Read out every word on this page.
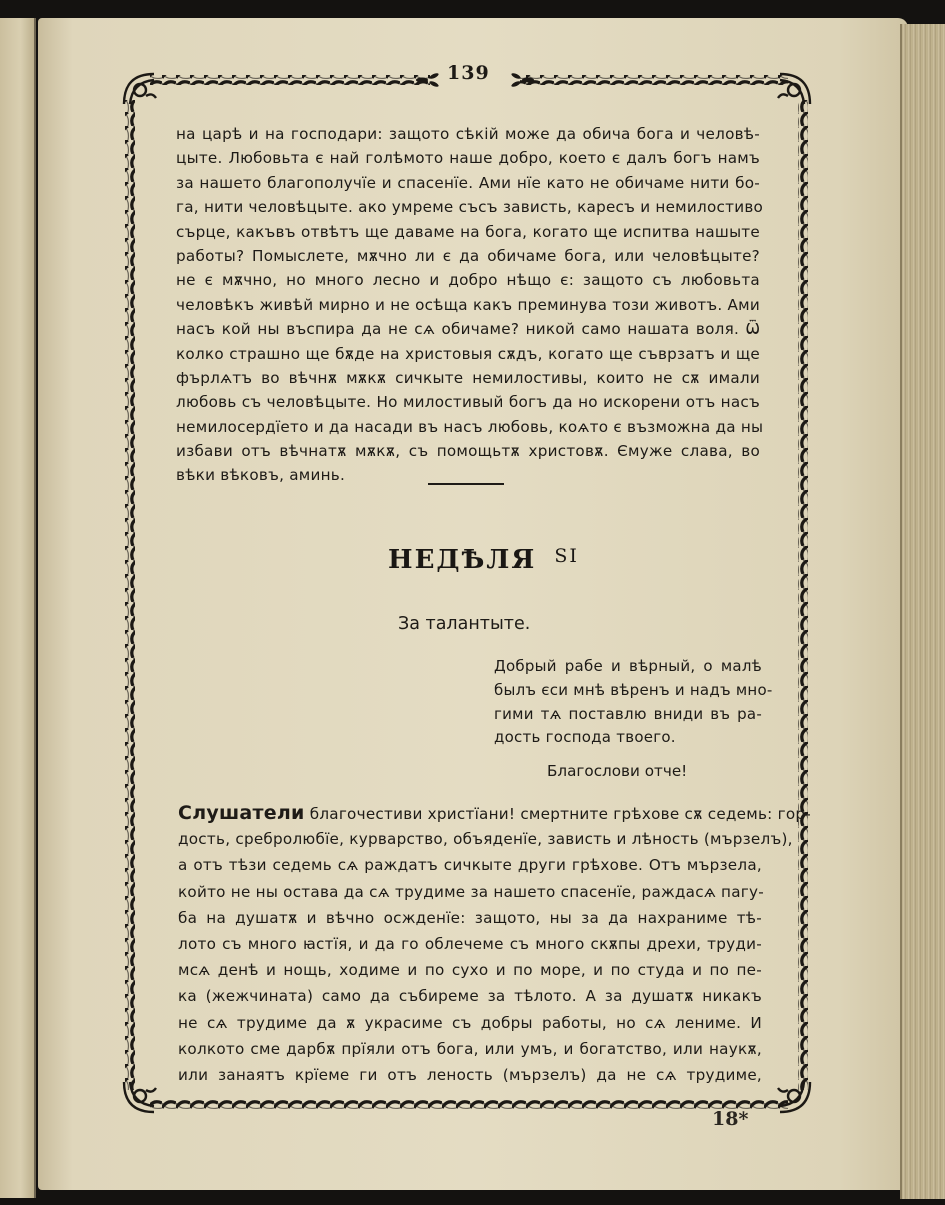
139
на царѣ и на господари: защото сѣкій може да обича бога и человѣ-
цыте. Любовьта є най голѣмото наше добро, което є далъ богъ намъ
за нашето благополучїе и спасенїе. Ами нїе като не обичаме нити бо-
га, нити человѣцыте. ако умреме съсъ зависть, каресъ и немилостиво
сърце, какъвъ отвѣтъ ще даваме на бога, когато ще испитва нашыте
работы? Помыслете, мѫчно ли є да обичаме бога, или человѣцыте?
не є мѫчно, но много лесно и добро нѣщо є: защото съ любовьта
человѣкъ живѣй мирно и не осѣща какъ преминува този животъ. Ами
насъ кой ны въспира да не сѧ обичаме? никой само нашата воля. Ѿ
колко страшно ще бѫде на христовыя сѫдъ, когато ще съврзатъ и ще
фърлѧтъ во вѣчнѫ мѫкѫ сичкыте немилостивы, които не сѫ имали
любовь съ человѣцыте. Но милостивый богъ да но искорени отъ насъ
немилосердїето и да насади въ насъ любовь, коѧто є възможна да ны
избави отъ вѣчнатѫ мѫкѫ, съ помощьтѫ христовѫ. Ємуже слава, во
вѣки вѣковъ, аминь.
НЕДѢЛЯ $^{ЅІ}$
За талантыте.
Добрый рабе и вѣрный, о малѣ
былъ єси мнѣ вѣренъ и надъ мно-
гими тѧ поставлю вниди въ ра-
дость господа твоего.
Благослови отче!
Слушатели благочестиви христїани! смертните грѣхове сѫ седемь: гор-
дость, сребролюбїе, курварство, объяденїе, зависть и лѣность (мързелъ),
а отъ тѣзи седемь сѧ раждатъ сичкыте други грѣхове. Отъ мързела,
който не ны остава да сѧ трудиме за нашето спасенїе, раждасѧ пагу-
ба на душатѫ и вѣчно осжденїе: защото, ны за да нахраниме тѣ-
лото съ много ꙗстїя, и да го облечеме съ много скѫпы дрехи, труди-
мсѧ денѣ и нощь, ходиме и по сухо и по море, и по студа и по пе-
ка (жежчината) само да събиреме за тѣлото. А за душатѫ никакъ
не сѧ трудиме да ѫ украсиме съ добры работы, но сѧ лениме. И
колкото сме дарбѫ прїяли отъ бога, или умъ, и богатство, или наукѫ,
или занаятъ крїеме ги отъ леность (мързелъ) да не сѧ трудиме,
18*
